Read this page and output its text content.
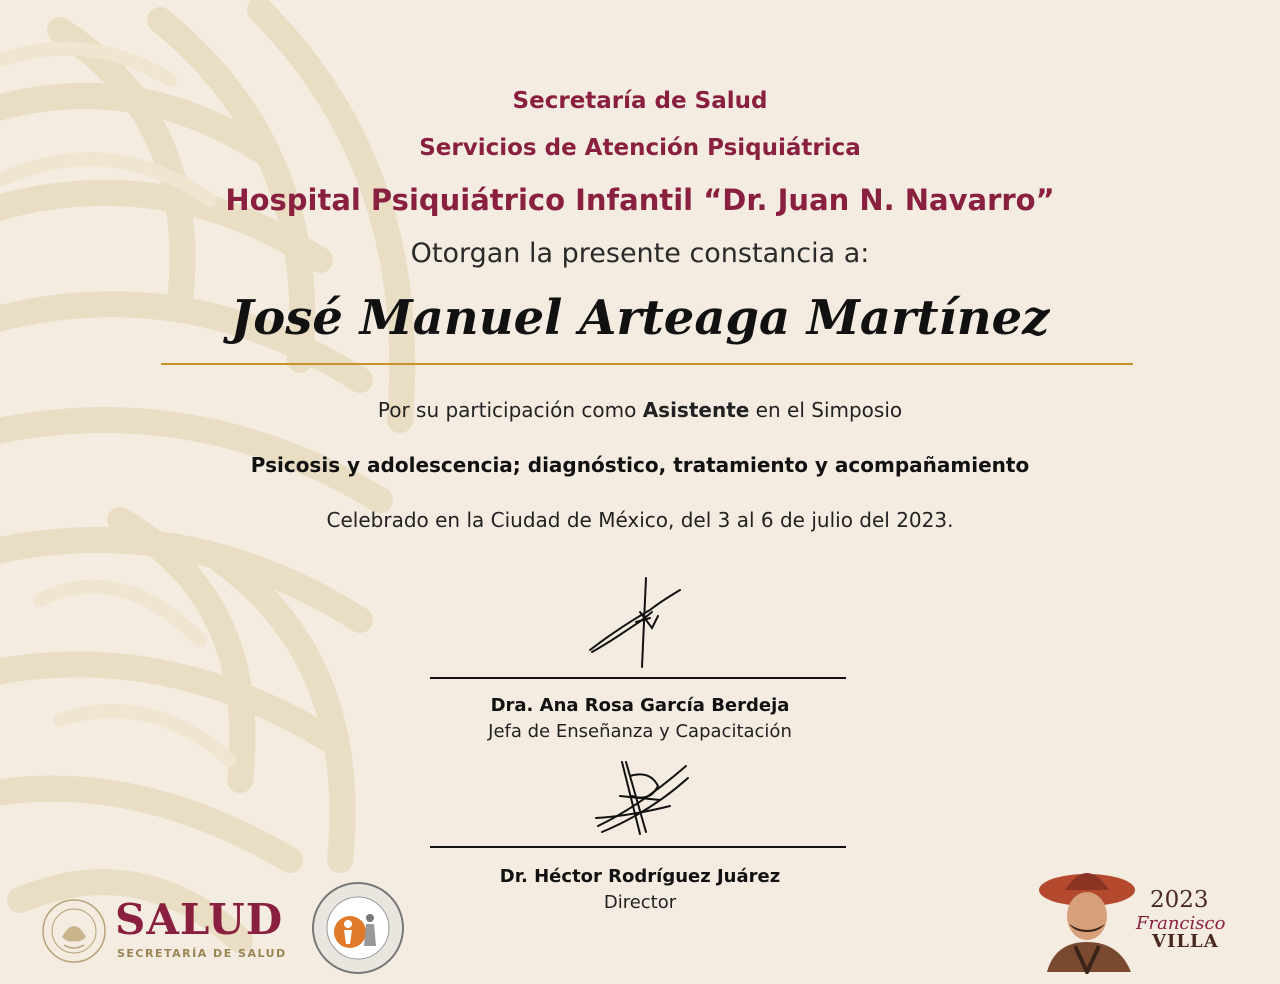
Secretaría de Salud
Servicios de Atención Psiquiátrica
Hospital Psiquiátrico Infantil “Dr. Juan N. Navarro”
Otorgan la presente constancia a:
José Manuel Arteaga Martínez
Por su participación como Asistente en el Simposio
Psicosis y adolescencia; diagnóstico, tratamiento y acompañamiento
Celebrado en la Ciudad de México, del 3 al 6 de julio del 2023.
Dra. Ana Rosa García Berdeja
Jefa de Enseñanza y Capacitación
Dr. Héctor Rodríguez Juárez
Director
SALUD
SECRETARÍA DE SALUD
2023
Francisco
VILLA
